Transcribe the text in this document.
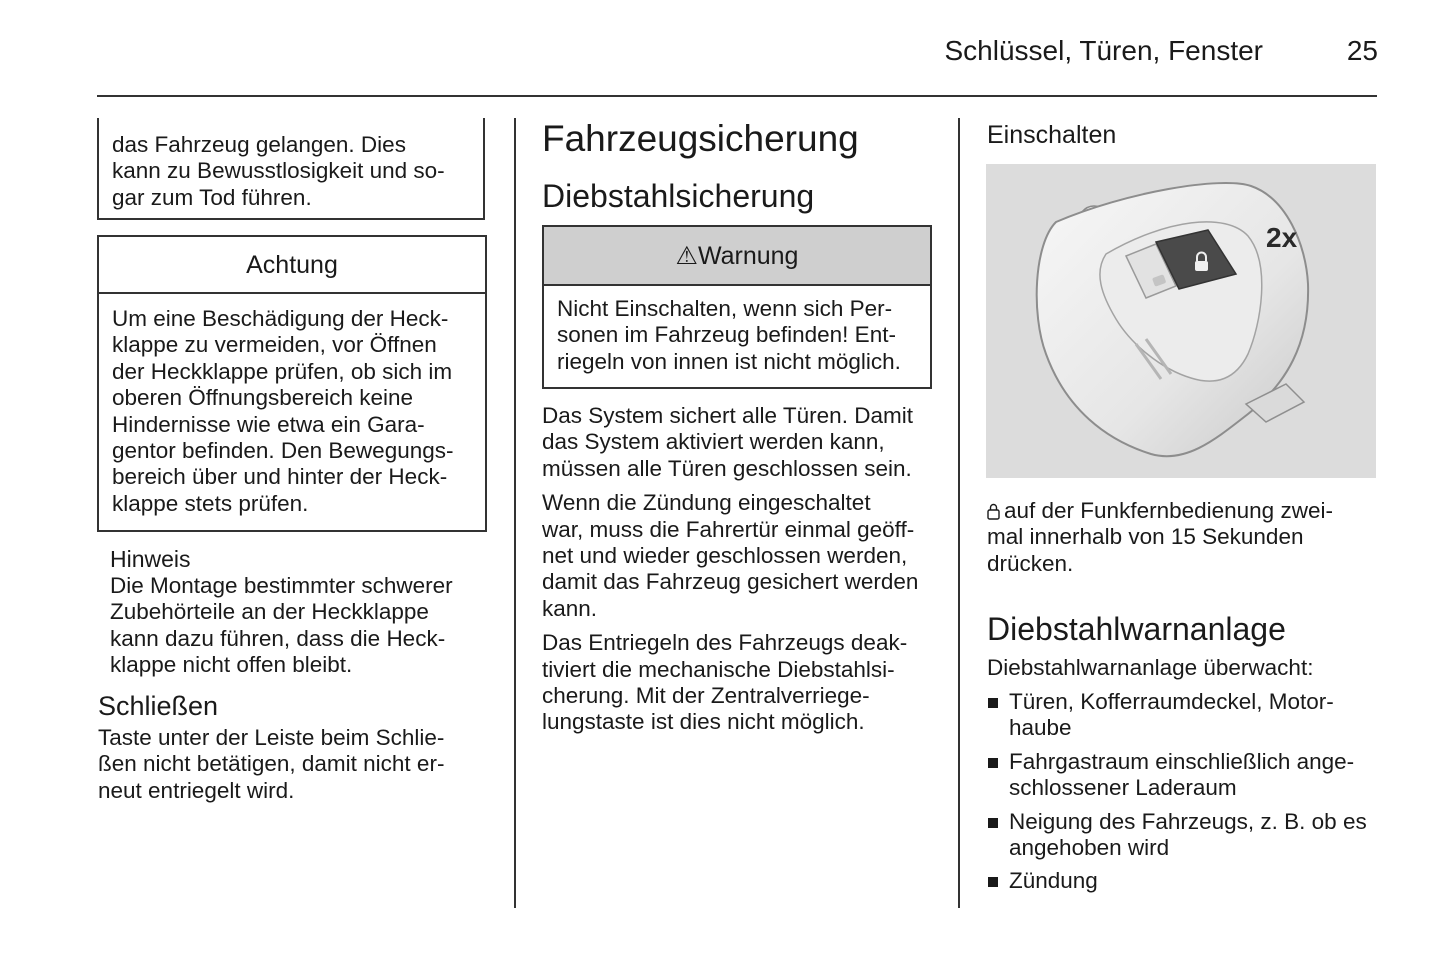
Schlüssel, Türen, Fenster	25
das Fahrzeug gelangen. Dies
kann zu Bewusstlosigkeit und so-
gar zum Tod führen.
Achtung
Um eine Beschädigung der Heck-
klappe zu vermeiden, vor Öffnen
der Heckklappe prüfen, ob sich im
oberen Öffnungsbereich keine
Hindernisse wie etwa ein Gara-
gentor befinden. Den Bewegungs-
bereich über und hinter der Heck-
klappe stets prüfen.
Hinweis
Die Montage bestimmter schwerer
Zubehörteile an der Heckklappe
kann dazu führen, dass die Heck-
klappe nicht offen bleibt.
Schließen
Taste unter der Leiste beim Schlie-
ßen nicht betätigen, damit nicht er-
neut entriegelt wird.
Fahrzeugsicherung
Diebstahlsicherung
⚠Warnung
Nicht Einschalten, wenn sich Per-
sonen im Fahrzeug befinden! Ent-
riegeln von innen ist nicht möglich.
Das System sichert alle Türen. Damit
das System aktiviert werden kann,
müssen alle Türen geschlossen sein.
Wenn die Zündung eingeschaltet
war, muss die Fahrertür einmal geöff-
net und wieder geschlossen werden,
damit das Fahrzeug gesichert werden
kann.
Das Entriegeln des Fahrzeugs deak-
tiviert die mechanische Diebstahlsi-
cherung. Mit der Zentralverriege-
lungstaste ist dies nicht möglich.
Einschalten
2x
auf der Funkfernbedienung zwei-
mal innerhalb von 15 Sekunden
drücken.
Diebstahlwarnanlage
Diebstahlwarnanlage überwacht:
Türen, Kofferraumdeckel, Motor-
haube
Fahrgastraum einschließlich ange-
schlossener Laderaum
Neigung des Fahrzeugs, z. B. ob es
angehoben wird
Zündung
